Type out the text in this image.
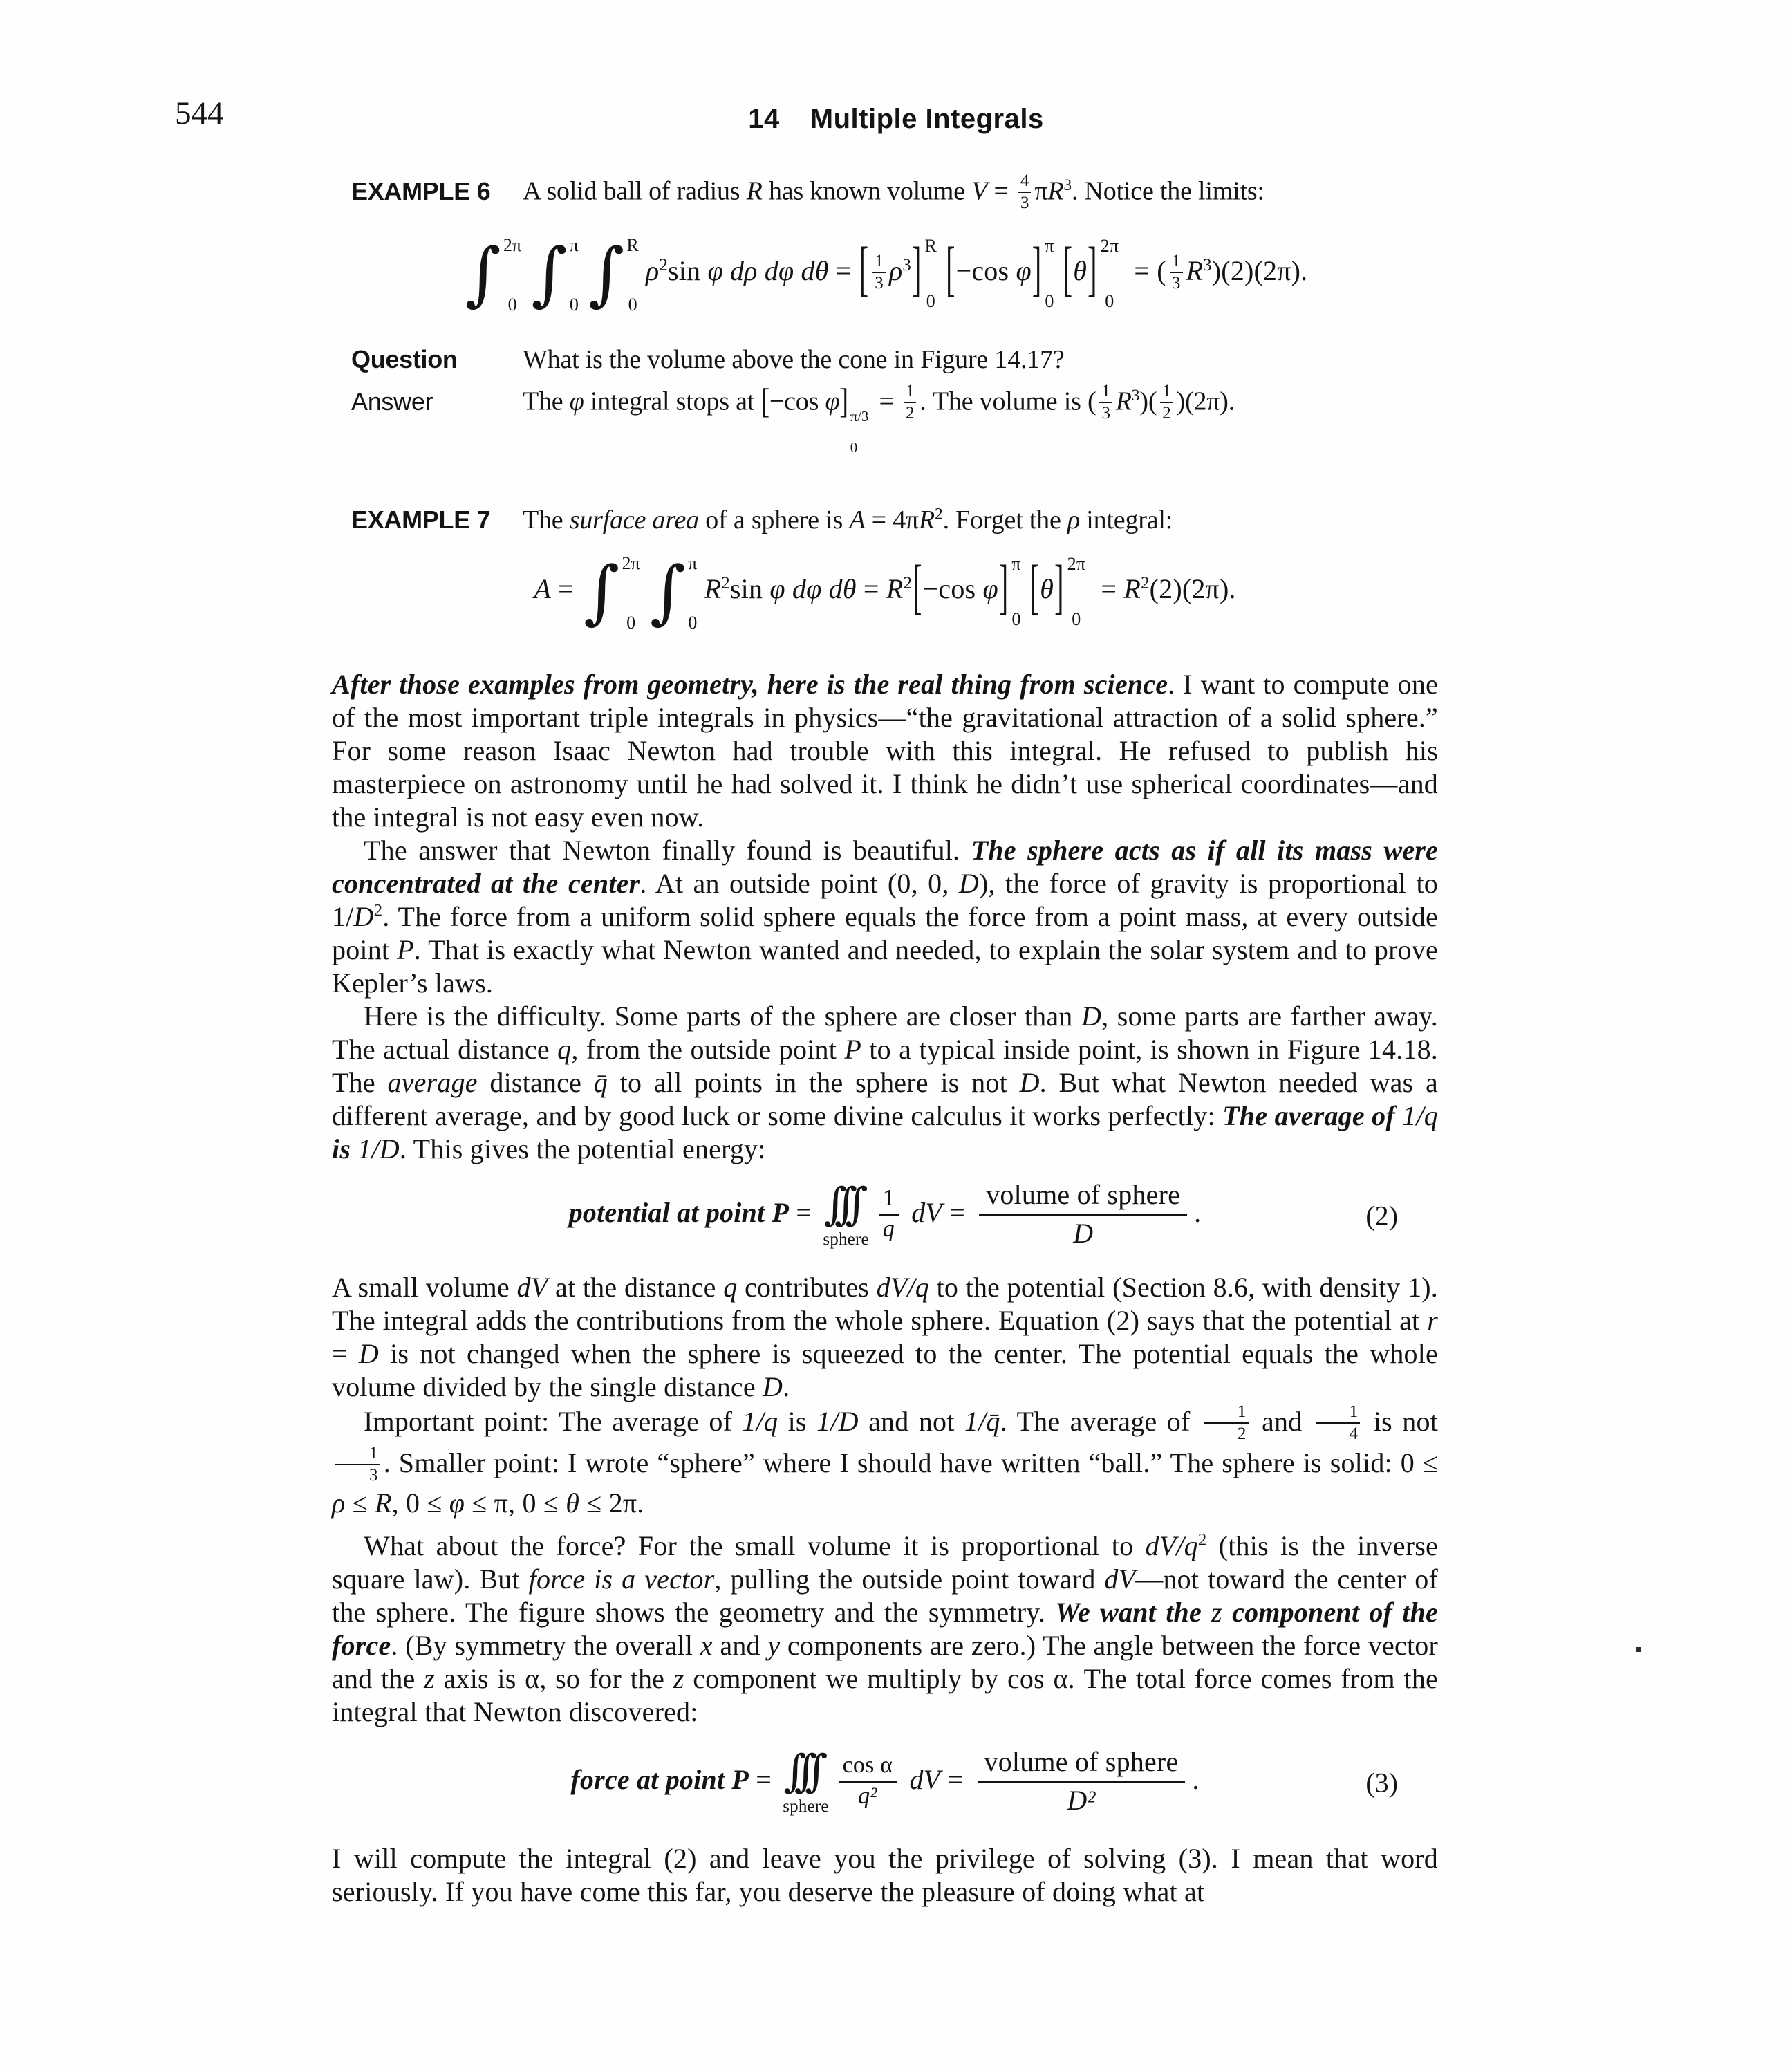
544	14 Multiple Integrals
EXAMPLE 6	A solid ball of radius R has known volume $V = \frac{4}{3} \pi R^3$. Notice the limits:
∫ 2π
0 ∫ π
0 ∫ R
0
$\rho^2\sin$ φ dρ dφ dθ = [ $\frac{1}{3} \rho^3$] R
0 [−cos φ] π
0 [θ] 2π
0
= ( $\frac{1}{3} R^3)(2)(2\pi)$.
Question	What is the volume above the cone in Figure 14.17?
Answer	The φ integral stops at [−cos φ] π/3
0
= $\frac{1}{2}$ . The volume is ( $\frac{1}{3} R^3)( \frac{1}{2} )(2\pi)$.
EXAMPLE 7	The surface area of a sphere is $A = 4\pi R^2$. Forget the ρ integral:
A = ∫ 2π
0 ∫ π
0
$R^2\sin$ φ dφ $d\theta = R^2[-\cos$ φ] π
0 [θ] 2π
0
= $R^2(2)(2\pi)$.

After those examples from geometry, here is the real thing from science. I want to compute one of the most important triple integrals in physics—“the gravitational attraction of a solid sphere.” For some reason Isaac Newton had trouble with this integral. He refused to publish his masterpiece on astronomy until he had solved it. I think he didn’t use spherical coordinates—and the integral is not easy even now.

The answer that Newton finally found is beautiful. The sphere acts as if all its mass were concentrated at the center. At an outside point (0, 0, D), the force of gravity is proportional to $1/D^2$. The force from a uniform solid sphere equals the force from a point mass, at every outside point P. That is exactly what Newton wanted and needed, to explain the solar system and to prove Kepler’s laws.

Here is the difficulty. Some parts of the sphere are closer than D, some parts are farther away. The actual distance q, from the outside point P to a typical inside point, is shown in Figure 14.18. The average distance q̄ to all points in the sphere is not D. But what Newton needed was a different average, and by good luck or some divine calculus it works perfectly: The average of 1/q is 1/D. This gives the potential energy:

potential at point P = ∫∫∫
sphere $\frac{1}{q}$ dV = $\frac{\text{volume of sphere}}{D}$ .	(2)

A small volume dV at the distance q contributes dV/q to the potential (Section 8.6, with density 1). The integral adds the contributions from the whole sphere. Equation (2) says that the potential at r = D is not changed when the sphere is squeezed to the center. The potential equals the whole volume divided by the single distance D.

Important point: The average of 1/q is 1/D and not 1/q̄. The average of $\frac{1}{2}$ and $\frac{1}{4}$ is not
$\frac{1}{3}$ . Smaller point: I wrote “sphere” where I should have written “ball.” The sphere is solid: 0 ≤ ρ ≤ R, 0 ≤ φ ≤ π, 0 ≤ θ ≤ 2π.

What about the force? For the small volume it is proportional to $dV/q^2$ (this is the inverse square law). But force is a vector, pulling the outside point toward dV—not toward the center of the sphere. The figure shows the geometry and the symmetry. We want the z component of the force. (By symmetry the overall x and y components are zero.) The angle between the force vector and the z axis is α, so for the z component we multiply by cos α. The total force comes from the integral that Newton discovered:

force at point P = ∫∫∫
sphere $\frac{\text{cos α}}{\text{q²}}$ dV = $\frac{\text{volume of sphere}}{\text{D²}}$ .	(3)

I will compute the integral (2) and leave you the privilege of solving (3). I mean that word seriously. If you have come this far, you deserve the pleasure of doing what at
